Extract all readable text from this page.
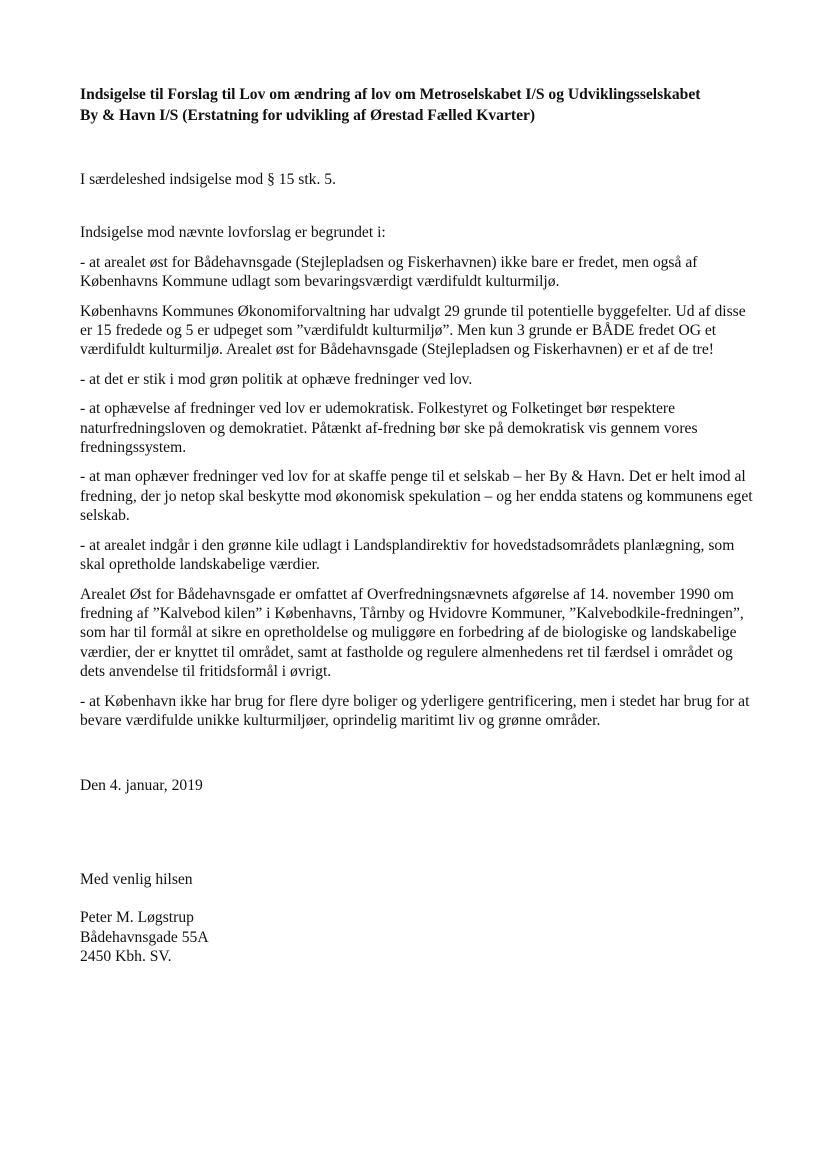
Indsigelse til Forslag til Lov om ændring af lov om Metroselskabet I/S og Udviklingsselskabet
By & Havn I/S (Erstatning for udvikling af Ørestad Fælled Kvarter)

I særdeleshed indsigelse mod § 15 stk. 5.

Indsigelse mod nævnte lovforslag er begrundet i:

- at arealet øst for Bådehavnsgade (Stejlepladsen og Fiskerhavnen) ikke bare er fredet, men også af Københavns Kommune udlagt som bevaringsværdigt værdifuldt kulturmiljø.

Københavns Kommunes Økonomiforvaltning har udvalgt 29 grunde til potentielle byggefelter. Ud af disse er 15 fredede og 5 er udpeget som ”værdifuldt kulturmiljø”. Men kun 3 grunde er BÅDE fredet OG et værdifuldt kulturmiljø. Arealet øst for Bådehavnsgade (Stejlepladsen og Fiskerhavnen) er et af de tre!

- at det er stik i mod grøn politik at ophæve fredninger ved lov.

- at ophævelse af fredninger ved lov er udemokratisk. Folkestyret og Folketinget bør respektere naturfredningsloven og demokratiet. Påtænkt af-fredning bør ske på demokratisk vis gennem vores fredningssystem.

- at man ophæver fredninger ved lov for at skaffe penge til et selskab – her By & Havn. Det er helt imod al fredning, der jo netop skal beskytte mod økonomisk spekulation – og her endda statens og kommunens eget selskab.

- at arealet indgår i den grønne kile udlagt i Landsplandirektiv for hovedstadsområdets planlægning, som skal opretholde landskabelige værdier.

Arealet Øst for Bådehavnsgade er omfattet af Overfredningsnævnets afgørelse af 14. november 1990 om fredning af ”Kalvebod kilen” i Københavns, Tårnby og Hvidovre Kommuner, ”Kalvebodkile-fredningen”, som har til formål at sikre en opretholdelse og muliggøre en forbedring af de biologiske og landskabelige værdier, der er knyttet til området, samt at fastholde og regulere almenhedens ret til færdsel i området og dets anvendelse til fritidsformål i øvrigt.

- at København ikke har brug for flere dyre boliger og yderligere gentrificering, men i stedet har brug for at bevare værdifulde unikke kulturmiljøer, oprindelig maritimt liv og grønne områder.

Den 4. januar, 2019

Med venlig hilsen

Peter M. Løgstrup
Bådehavnsgade 55A
2450 Kbh. SV.
